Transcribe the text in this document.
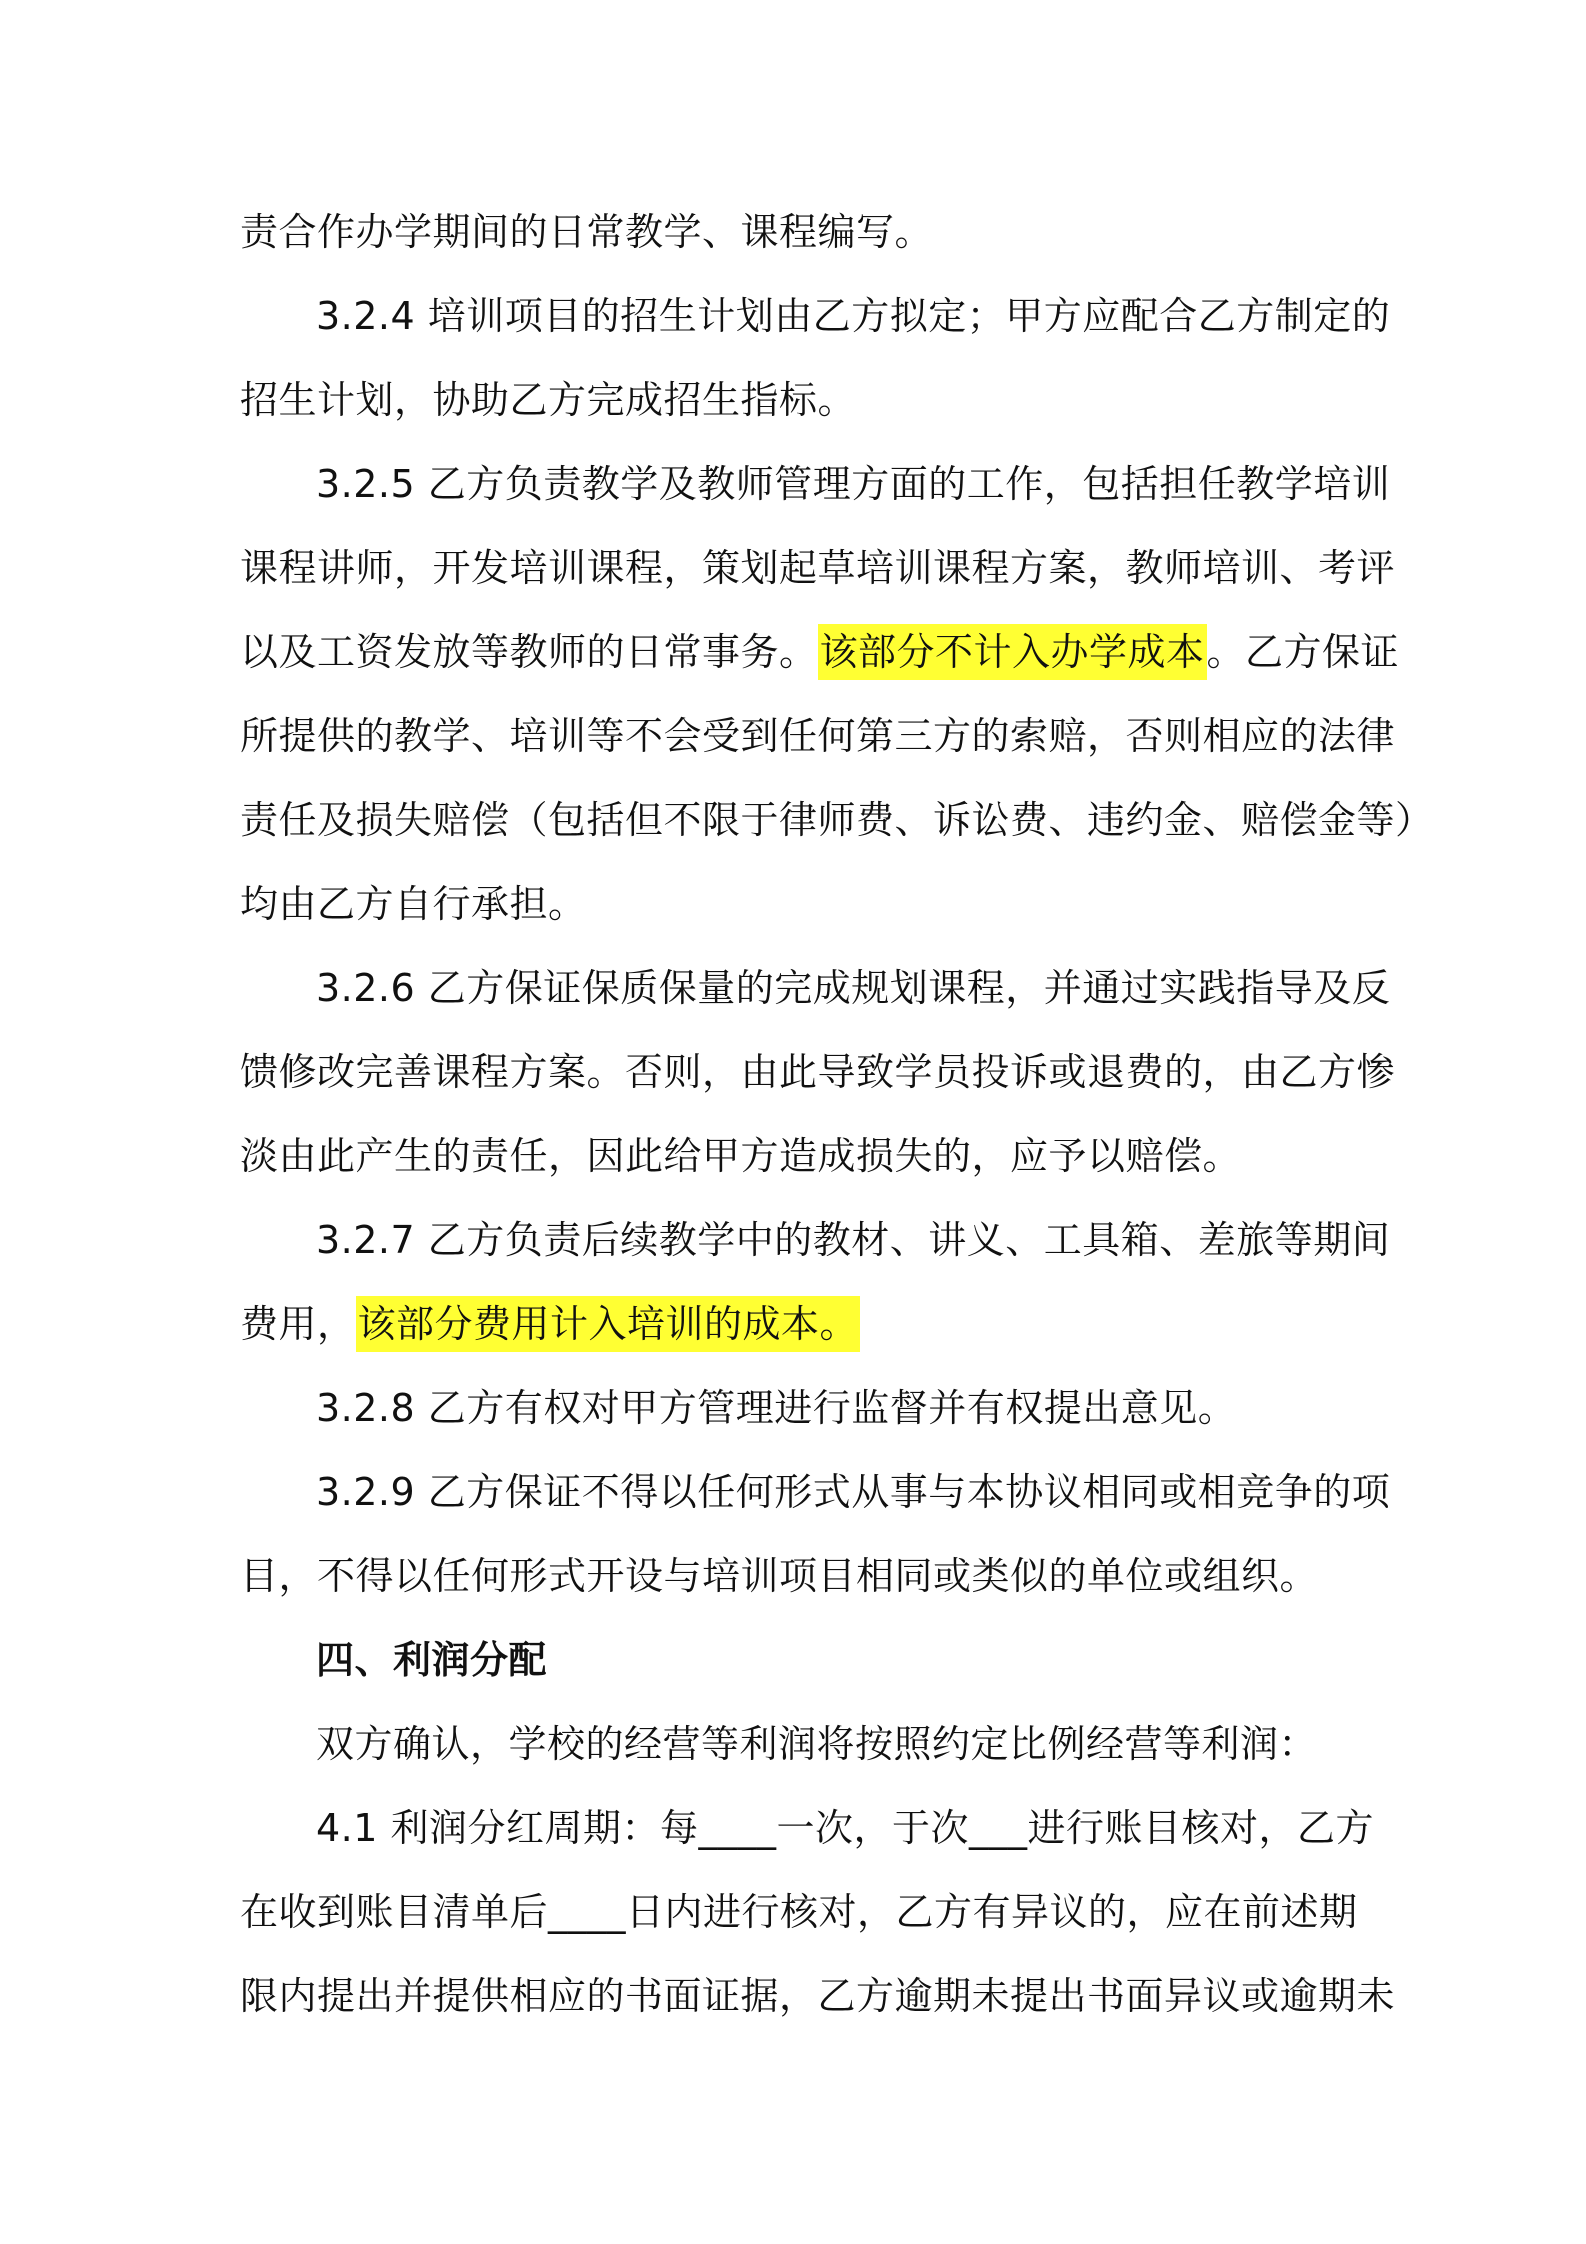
责合作办学期间的日常教学、课程编写。
3.2.4 培训项目的招生计划由乙方拟定；甲方应配合乙方制定的
招生计划，协助乙方完成招生指标。
3.2.5 乙方负责教学及教师管理方面的工作，包括担任教学培训
课程讲师，开发培训课程，策划起草培训课程方案，教师培训、考评
以及工资发放等教师的日常事务。该部分不计入办学成本。乙方保证
所提供的教学、培训等不会受到任何第三方的索赔，否则相应的法律
责任及损失赔偿（包括但不限于律师费、诉讼费、违约金、赔偿金等）
均由乙方自行承担。
3.2.6 乙方保证保质保量的完成规划课程，并通过实践指导及反
馈修改完善课程方案。否则，由此导致学员投诉或退费的，由乙方惨
淡由此产生的责任，因此给甲方造成损失的，应予以赔偿。
3.2.7 乙方负责后续教学中的教材、讲义、工具箱、差旅等期间
费用，该部分费用计入培训的成本。
3.2.8 乙方有权对甲方管理进行监督并有权提出意见。
3.2.9 乙方保证不得以任何形式从事与本协议相同或相竞争的项
目，不得以任何形式开设与培训项目相同或类似的单位或组织。
四、利润分配
双方确认，学校的经营等利润将按照约定比例经营等利润：
4.1 利润分红周期：每____一次，于次___进行账目核对，乙方
在收到账目清单后____日内进行核对，乙方有异议的，应在前述期
限内提出并提供相应的书面证据，乙方逾期未提出书面异议或逾期未
